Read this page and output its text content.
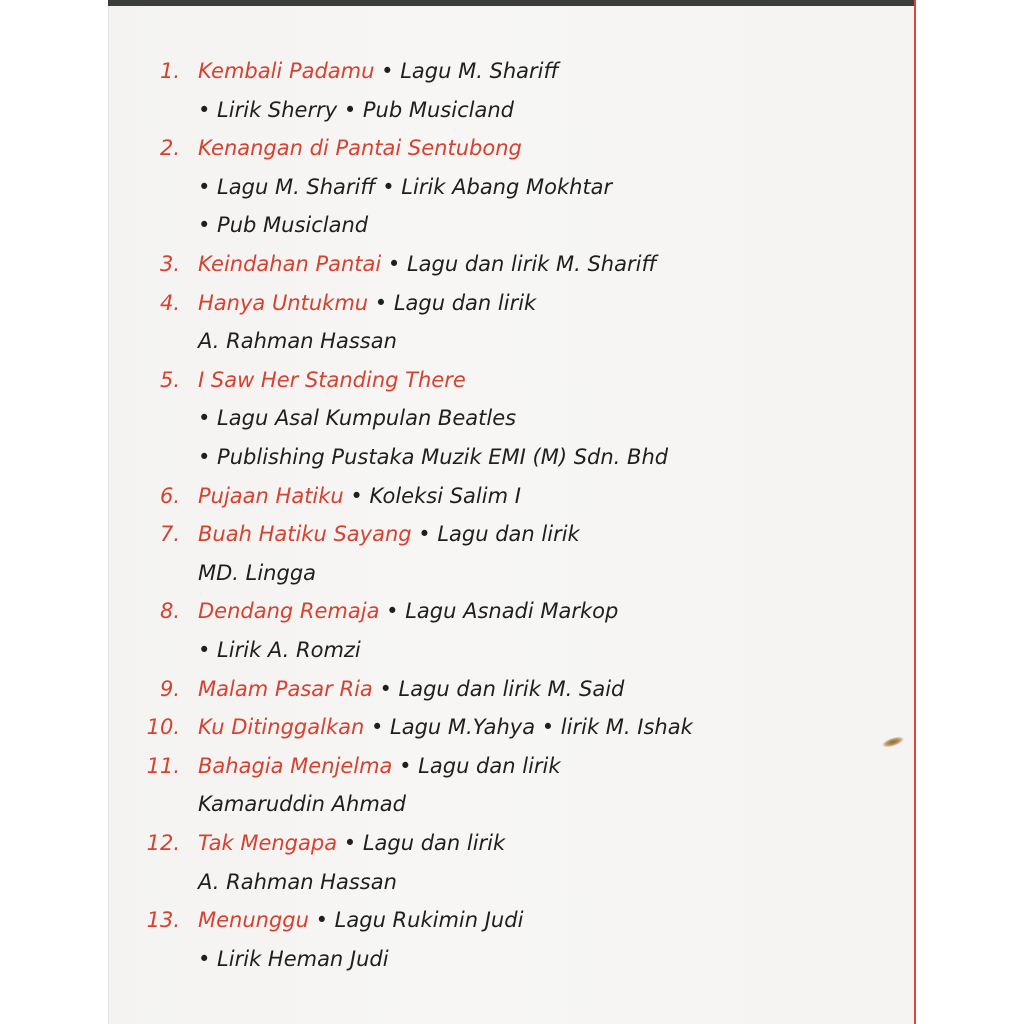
1. Kembali Padamu • Lagu M. Shariff
• Lirik Sherry • Pub Musicland
2. Kenangan di Pantai Sentubong
• Lagu M. Shariff • Lirik Abang Mokhtar
• Pub Musicland
3. Keindahan Pantai • Lagu dan lirik M. Shariff
4. Hanya Untukmu • Lagu dan lirik
A. Rahman Hassan
5. I Saw Her Standing There
• Lagu Asal Kumpulan Beatles
• Publishing Pustaka Muzik EMI (M) Sdn. Bhd
6. Pujaan Hatiku • Koleksi Salim I
7. Buah Hatiku Sayang • Lagu dan lirik
MD. Lingga
8. Dendang Remaja • Lagu Asnadi Markop
• Lirik A. Romzi
9. Malam Pasar Ria • Lagu dan lirik M. Said
10. Ku Ditinggalkan • Lagu M.Yahya • lirik M. Ishak
11. Bahagia Menjelma • Lagu dan lirik
Kamaruddin Ahmad
12. Tak Mengapa • Lagu dan lirik
A. Rahman Hassan
13. Menunggu • Lagu Rukimin Judi
• Lirik Heman Judi
